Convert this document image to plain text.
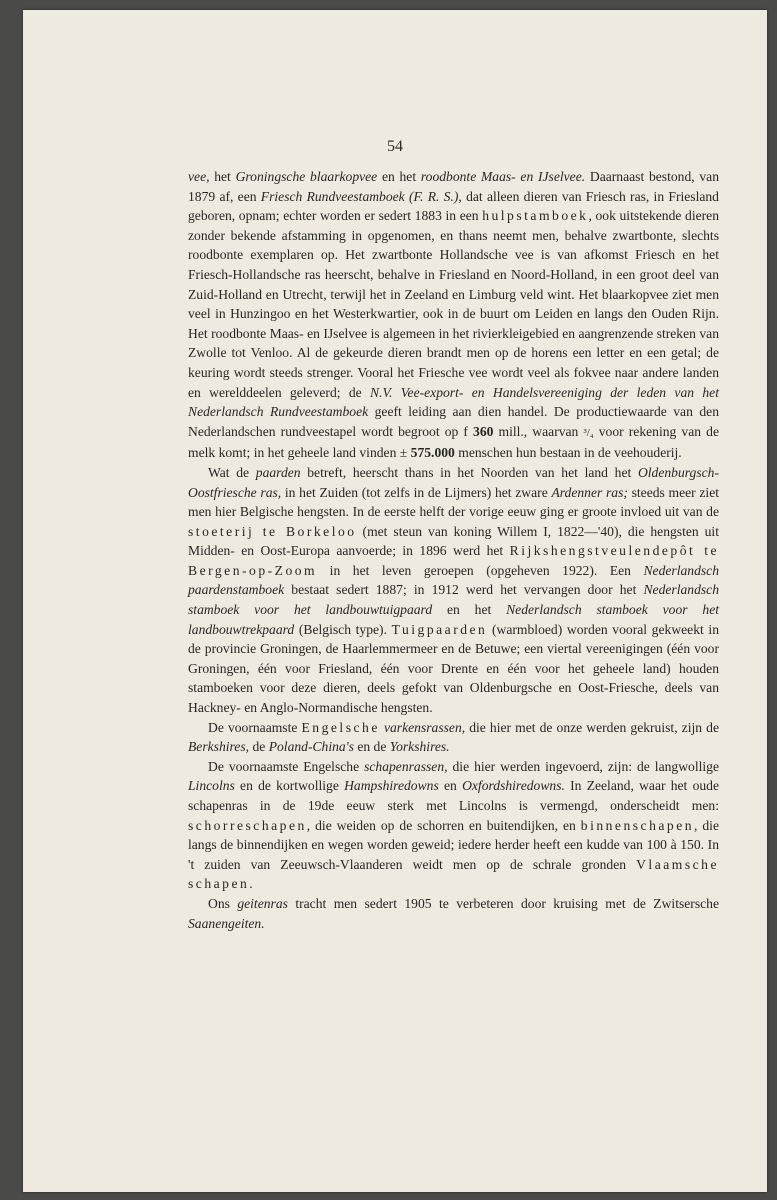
54

vee, het Groningsche blaarkopvee en het roodbonte Maas- en IJselvee. Daarnaast bestond, van 1879 af, een Friesch Rundveestamboek (F. R. S.), dat alleen dieren van Friesch ras, in Friesland geboren, opnam; echter worden er sedert 1883 in een hulpstamboek, ook uitstekende dieren zonder bekende afstamming in opgenomen, en thans neemt men, behalve zwartbonte, slechts roodbonte exemplaren op. Het zwartbonte Hollandsche vee is van afkomst Friesch en het Friesch-Hollandsche ras heerscht, behalve in Friesland en Noord-Holland, in een groot deel van Zuid-Holland en Utrecht, terwijl het in Zeeland en Limburg veld wint. Het blaarkopvee ziet men veel in Hunzingoo en het Westerkwartier, ook in de buurt om Leiden en langs den Ouden Rijn. Het roodbonte Maas- en IJselvee is algemeen in het rivierkleigebied en aangrenzende streken van Zwolle tot Venloo. Al de gekeurde dieren brandt men op de horens een letter en een getal; de keuring wordt steeds strenger. Vooral het Friesche vee wordt veel als fokvee naar andere landen en werelddeelen geleverd; de N.V. Vee-export- en Handelsvereeniging der leden van het Nederlandsch Rundveestamboek geeft leiding aan dien handel. De productiewaarde van den Nederlandschen rundveestapel wordt begroot op f 360 mill., waarvan ³/₄ voor rekening van de melk komt; in het geheele land vinden ± 575.000 menschen hun bestaan in de veehouderij.

Wat de paarden betreft, heerscht thans in het Noorden van het land het Oldenburgsch-Oostfriesche ras, in het Zuiden (tot zelfs in de Lijmers) het zware Ardenner ras; steeds meer ziet men hier Belgische hengsten. In de eerste helft der vorige eeuw ging er groote invloed uit van de stoeterij te Borkeloo (met steun van koning Willem I, 1822—'40), die hengsten uit Midden- en Oost-Europa aanvoerde; in 1896 werd het Rijkshengstveulendepôt te Bergen-op-Zoom in het leven geroepen (opgeheven 1922). Een Nederlandsch paardenstamboek bestaat sedert 1887; in 1912 werd het vervangen door het Nederlandsch stamboek voor het landbouwtuigpaard en het Nederlandsch stamboek voor het landbouwtrekpaard (Belgisch type). Tuigpaarden (warmbloed) worden vooral gekweekt in de provincie Groningen, de Haarlemmermeer en de Betuwe; een viertal vereenigingen (één voor Groningen, één voor Friesland, één voor Drente en één voor het geheele land) houden stamboeken voor deze dieren, deels gefokt van Oldenburgsche en Oost-Friesche, deels van Hackney- en Anglo-Normandische hengsten.

De voornaamste Engelsche varkensrassen, die hier met de onze werden gekruist, zijn de Berkshires, de Poland-China's en de Yorkshires.

De voornaamste Engelsche schapenrassen, die hier werden ingevoerd, zijn: de langwollige Lincolns en de kortwollige Hampshiredowns en Oxfordshiredowns. In Zeeland, waar het oude schapenras in de 19de eeuw sterk met Lincolns is vermengd, onderscheidt men: schorreschapen, die weiden op de schorren en buitendijken, en binnenschapen, die langs de binnendijken en wegen worden geweid; iedere herder heeft een kudde van 100 à 150. In 't zuiden van Zeeuwsch-Vlaanderen weidt men op de schrale gronden Vlaamsche schapen.

Ons geitenras tracht men sedert 1905 te verbeteren door kruising met de Zwitsersche Saanengeiten.
